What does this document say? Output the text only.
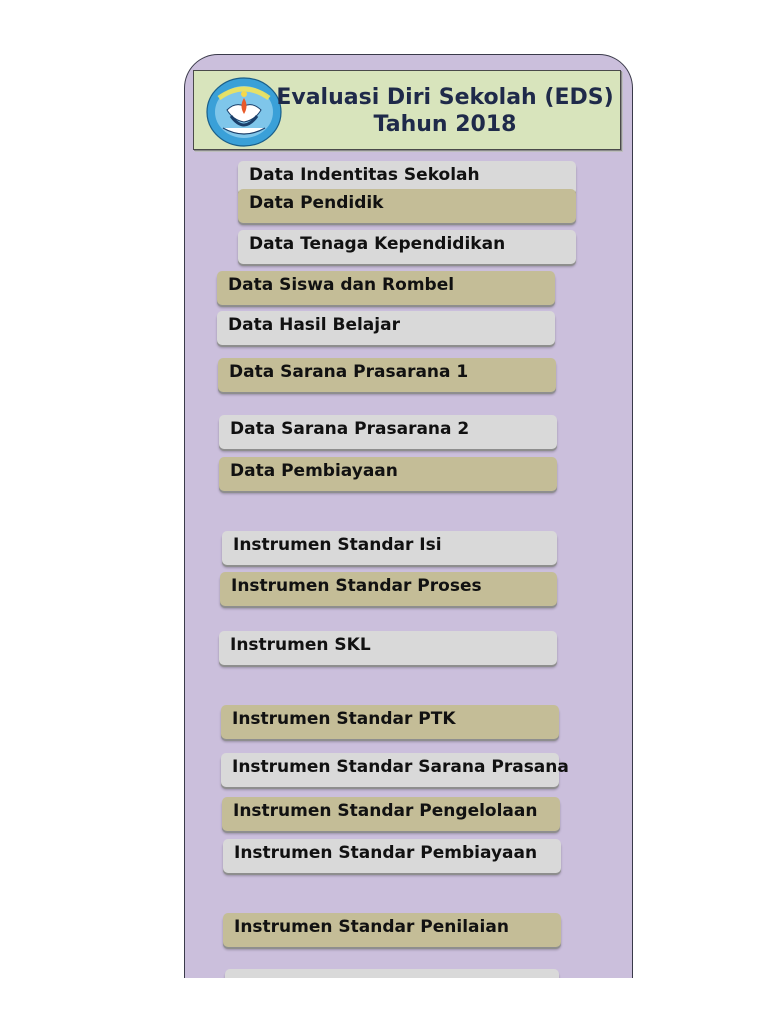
Evaluasi Diri Sekolah (EDS)
Tahun 2018
Data Indentitas Sekolah
Data Pendidik
Data Tenaga Kependidikan
Data Siswa dan Rombel
Data Hasil Belajar
Data Sarana Prasarana 1
Data Sarana Prasarana 2
Data Pembiayaan
Instrumen Standar Isi
Instrumen Standar Proses
Instrumen SKL
Instrumen Standar PTK
Instrumen Standar Sarana Prasana
Instrumen Standar Pengelolaan
Instrumen Standar Pembiayaan
Instrumen Standar Penilaian
